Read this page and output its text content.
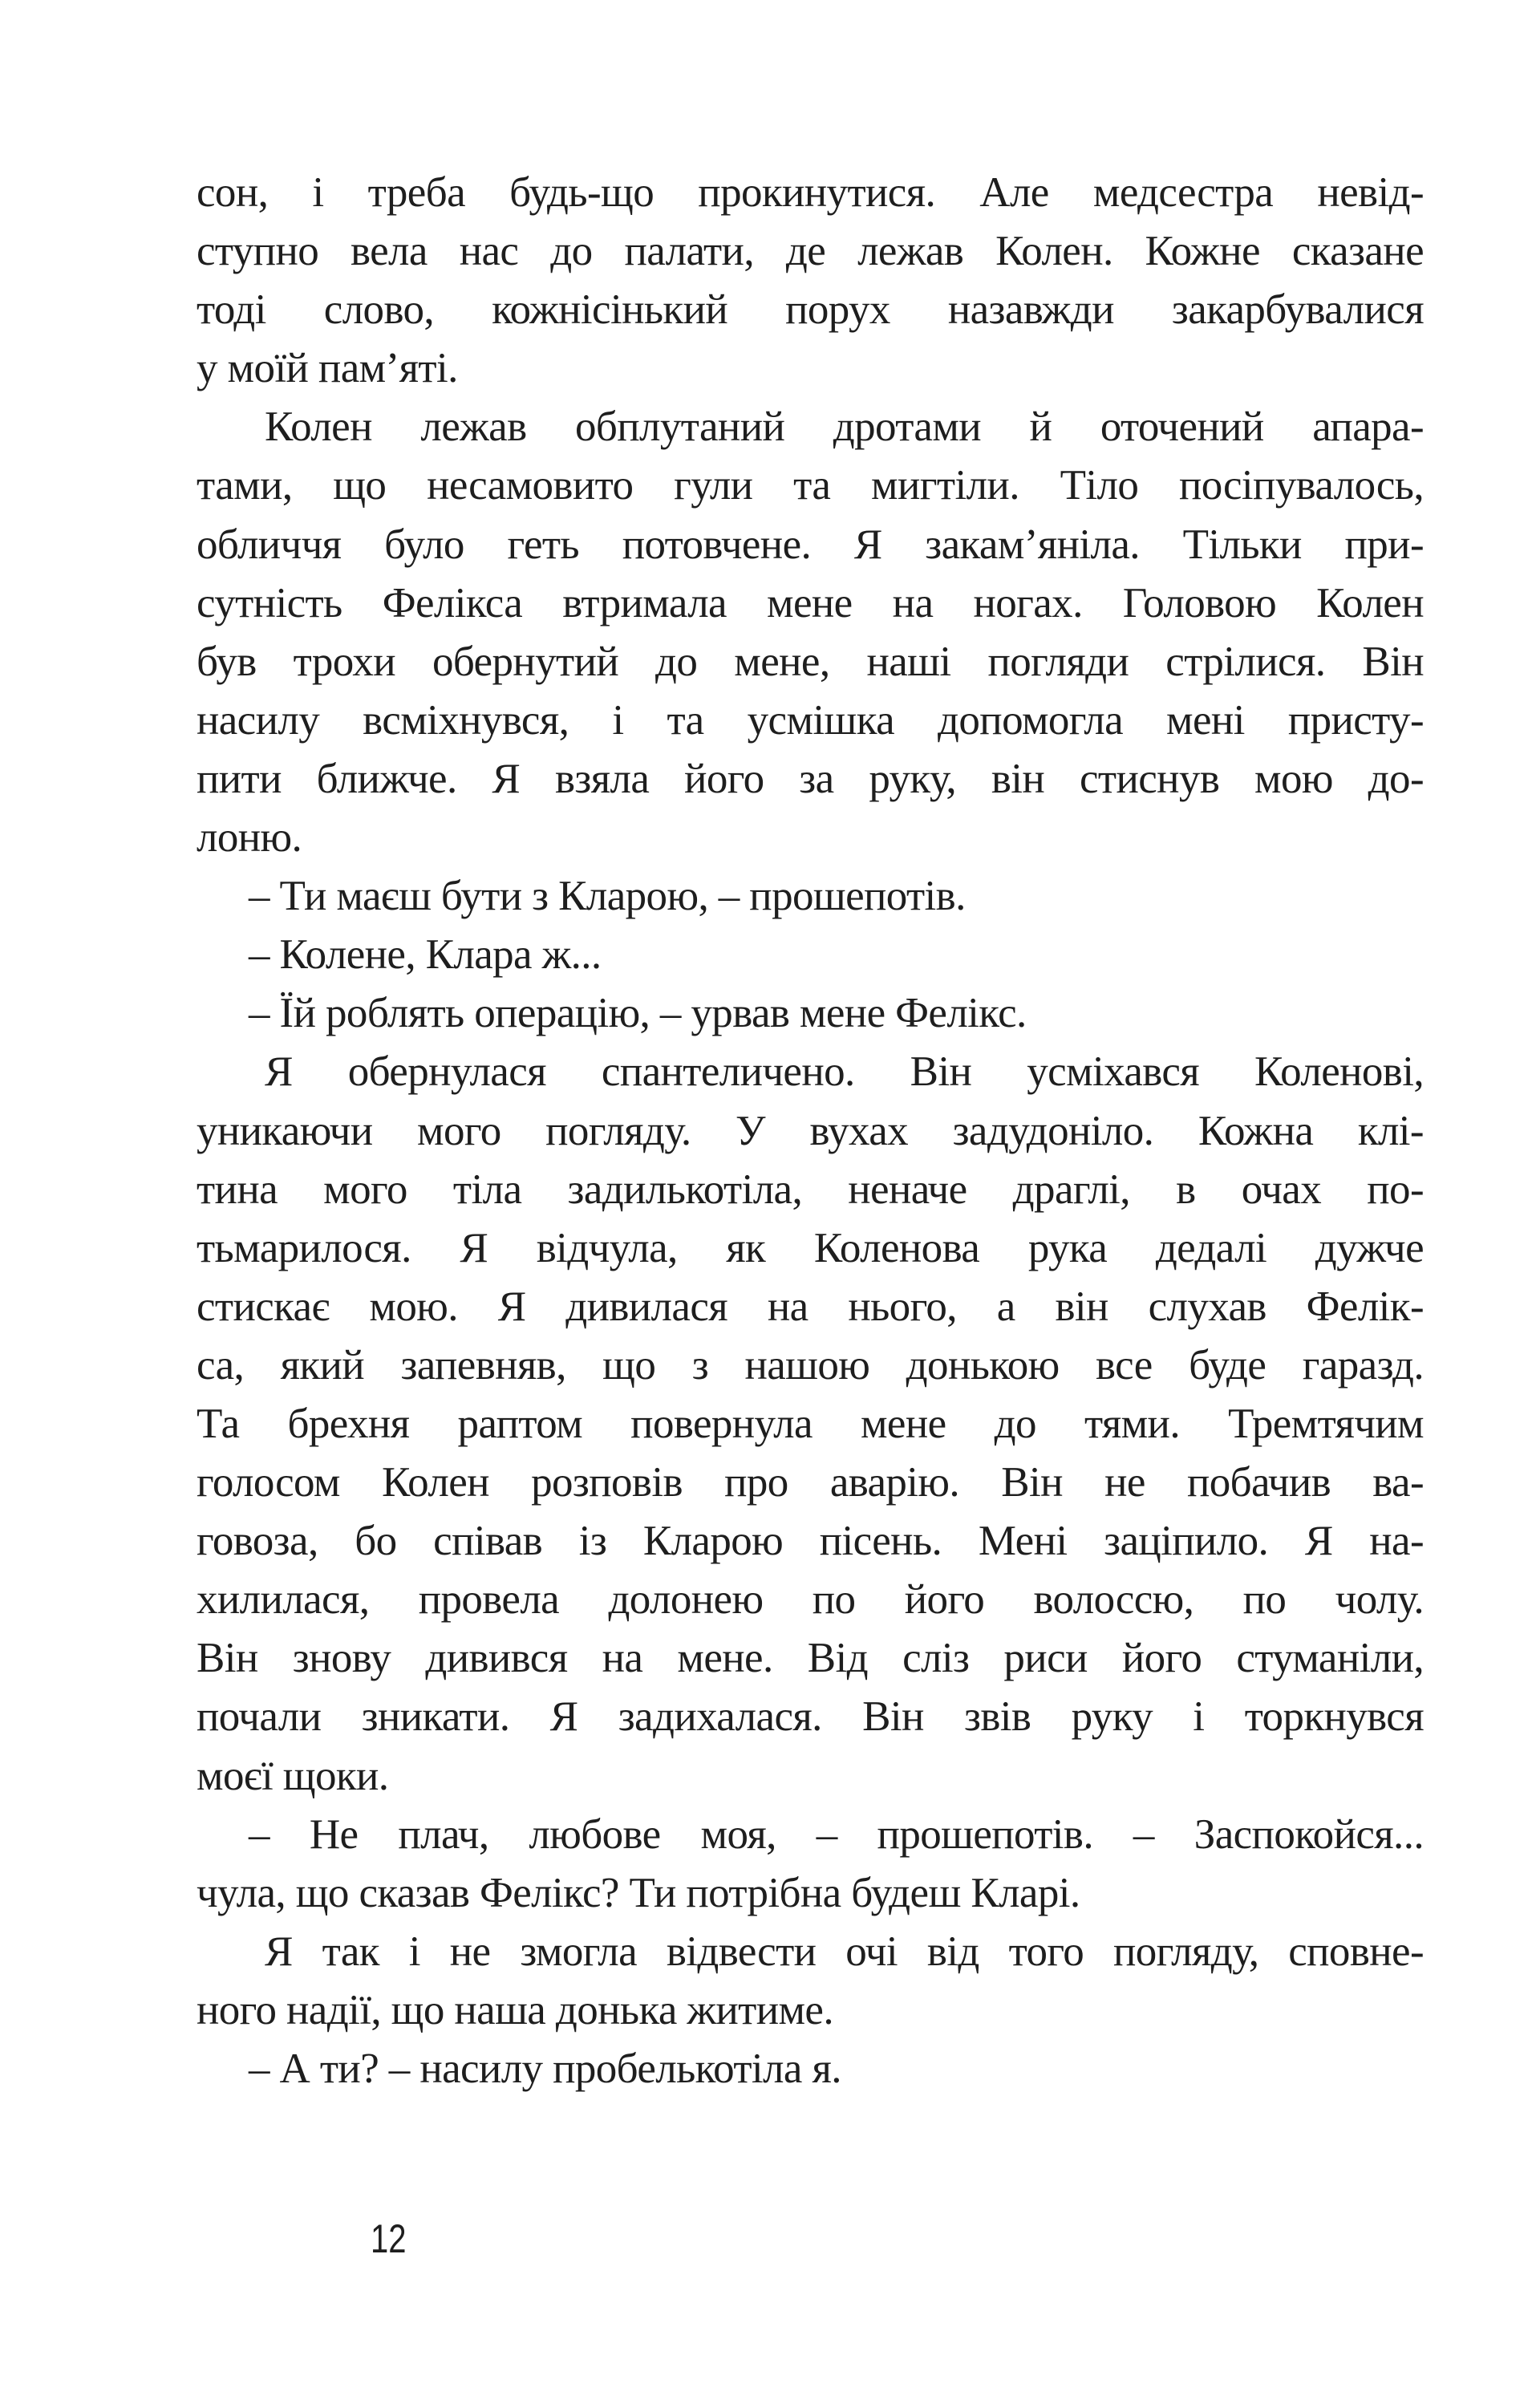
сон, і треба будь-що прокинутися. Але медсестра невід-
ступно вела нас до палати, де лежав Колен. Кожне сказане
тоді слово, кожнісінький порух назавжди закарбувалися
у моїй пам’яті.
Колен лежав обплутаний дротами й оточений апара-
тами, що несамовито гули та мигтіли. Тіло посіпувалось,
обличчя було геть потовчене. Я закам’яніла. Тільки при-
сутність Фелікса втримала мене на ногах. Головою Колен
був трохи обернутий до мене, наші погляди стрілися. Він
насилу всміхнувся, і та усмішка допомогла мені присту-
пити ближче. Я взяла його за руку, він стиснув мою до-
лоню.
– Ти маєш бути з Кларою, – прошепотів.
– Колене, Клара ж...
– Їй роблять операцію, – урвав мене Фелікс.
Я обернулася спантеличено. Він усміхався Коленові,
уникаючи мого погляду. У вухах задудоніло. Кожна клі-
тина мого тіла задилькотіла, неначе драглі, в очах по-
тьмарилося. Я відчула, як Коленова рука дедалі дужче
стискає мою. Я дивилася на нього, а він слухав Фелік-
са, який запевняв, що з нашою донькою все буде гаразд.
Та брехня раптом повернула мене до тями. Тремтячим
голосом Колен розповів про аварію. Він не побачив ва-
говоза, бо співав із Кларою пісень. Мені заціпило. Я на-
хилилася, провела долонею по його волоссю, по чолу.
Він знову дивився на мене. Від сліз риси його стуманіли,
почали зникати. Я задихалася. Він звів руку і торкнувся
моєї щоки.
– Не плач, любове моя, – прошепотів. – Заспокойся...
чула, що сказав Фелікс? Ти потрібна будеш Кларі.
Я так і не змогла відвести очі від того погляду, сповне-
ного надії, що наша донька житиме.
– А ти? – насилу пробелькотіла я.
12
